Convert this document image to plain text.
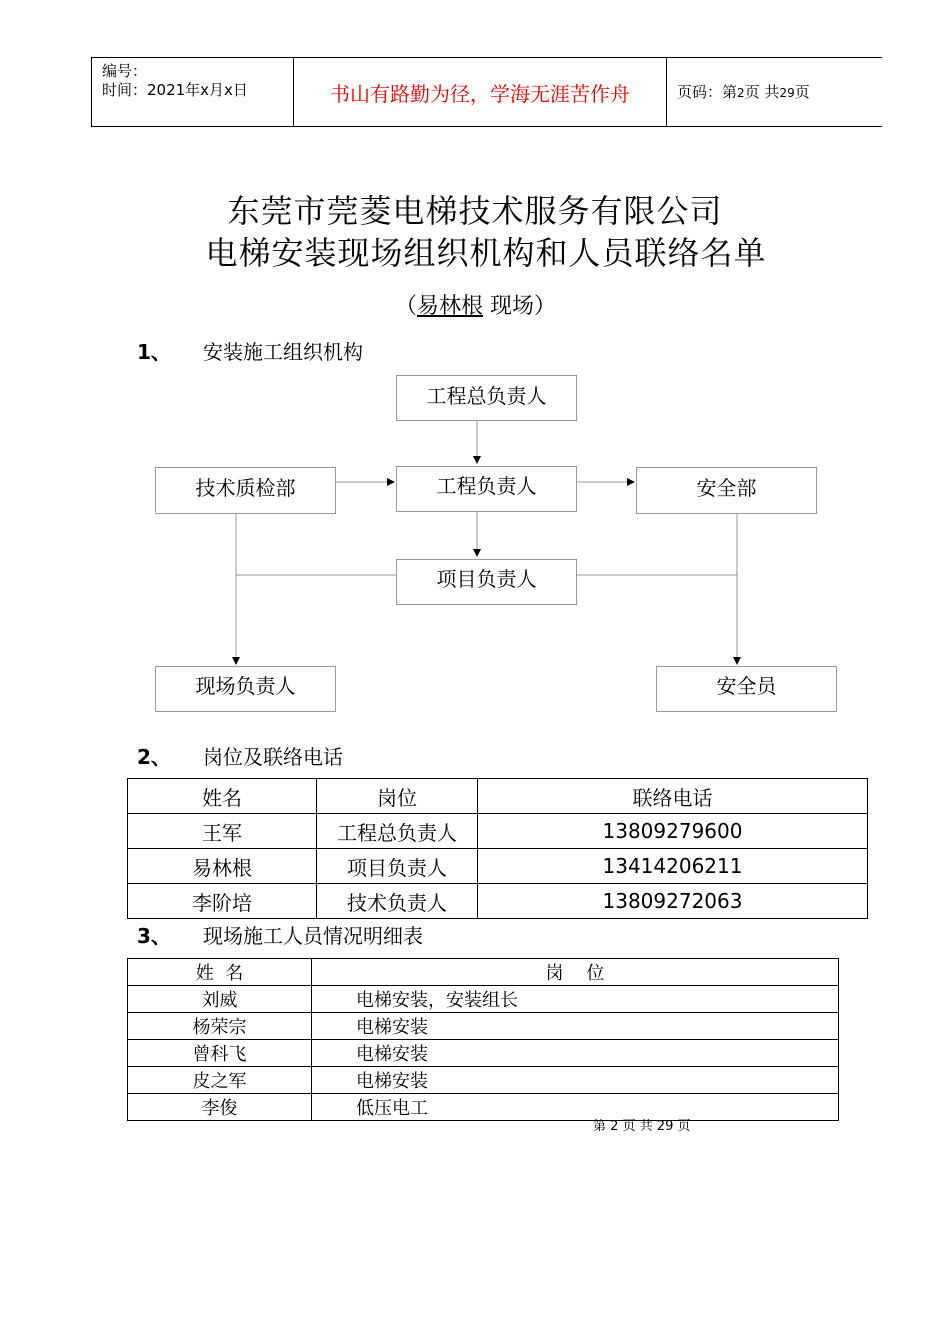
编号：
时间：2021年x月x日	书山有路勤为径，学海无涯苦作舟	页码：第2页 共29页
东莞市莞菱电梯技术服务有限公司
电梯安装现场组织机构和人员联络名单
（易林根 现场）
1、 安装施工组织机构
工程总负责人
技术质检部	工程负责人	安全部
项目负责人
现场负责人	安全员
2、 岗位及联络电话
姓名	岗位	联络电话
王军	工程总负责人	13809279600
易林根	项目负责人	13414206211
李阶培	技术负责人	13809272063
3、 现场施工人员情况明细表
姓  名	岗    位
刘威	电梯安装，安装组长
杨荣宗	电梯安装
曾科飞	电梯安装
皮之军	电梯安装
李俊	低压电工
第 2 页 共 29 页
